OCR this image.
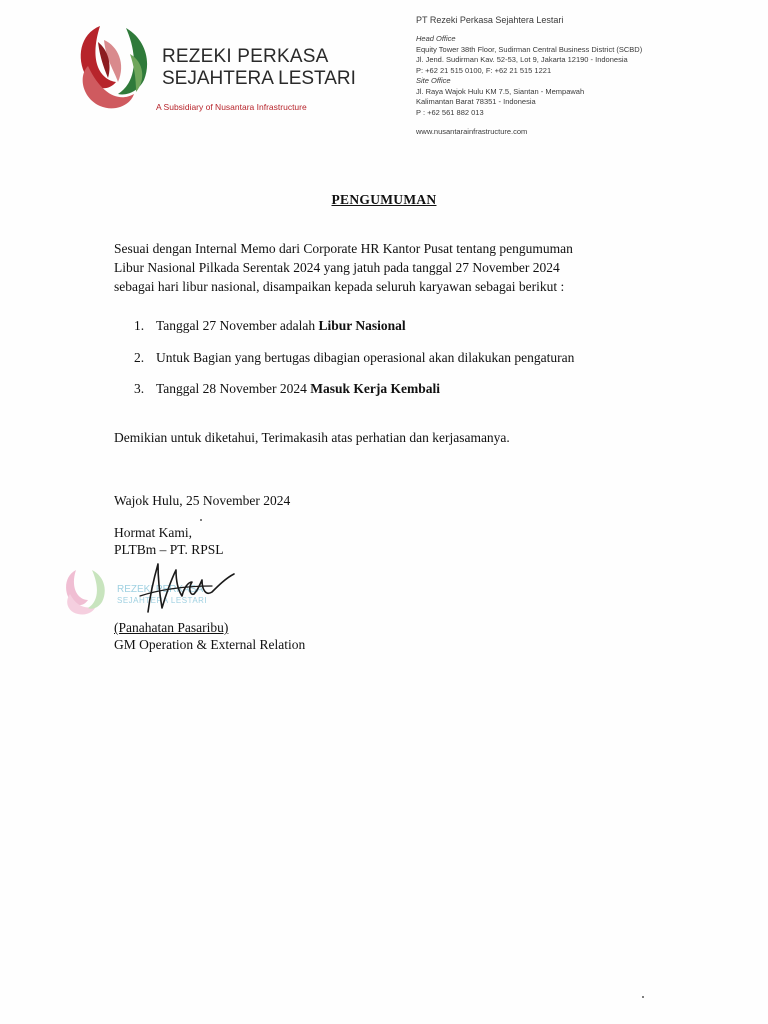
REZEKI PERKASA
SEJAHTERA LESTARI
A Subsidiary of Nusantara Infrastructure
PT Rezeki Perkasa Sejahtera Lestari
Head Office
Equity Tower 38th Floor, Sudirman Central Business District (SCBD)
Jl. Jend. Sudirman Kav. 52-53, Lot 9, Jakarta 12190 - Indonesia
P: +62 21 515 0100, F: +62 21 515 1221
Site Office
Jl. Raya Wajok Hulu KM 7.5, Siantan - Mempawah
Kalimantan Barat 78351 - Indonesia
P : +62 561 882 013
www.nusantarainfrastructure.com
PENGUMUMAN
Sesuai dengan Internal Memo dari Corporate HR Kantor Pusat tentang pengumuman
Libur Nasional Pilkada Serentak 2024 yang jatuh pada tanggal 27 November 2024
sebagai hari libur nasional, disampaikan kepada seluruh karyawan sebagai berikut :
1. Tanggal 27 November adalah Libur Nasional
2. Untuk Bagian yang bertugas dibagian operasional akan dilakukan pengaturan
3. Tanggal 28 November 2024 Masuk Kerja Kembali
Demikian untuk diketahui, Terimakasih atas perhatian dan kerjasamanya.
Wajok Hulu, 25 November 2024
Hormat Kami,
PLTBm – PT. RPSL
REZEKI PERKASA
SEJAHTERA LESTARI
(Panahatan Pasaribu)
GM Operation & External Relation
